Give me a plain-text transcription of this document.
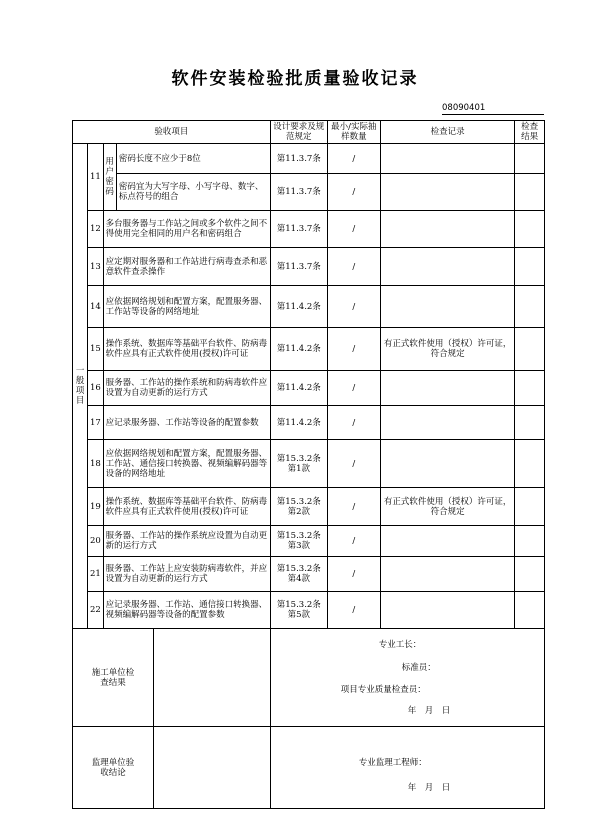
软件安装检验批质量验收记录
08090401
验收项目				设计要求及规范规定	最小/实际抽样数量	检查记录	检查结果
一般项目	11	用户密码	密码长度不应少于8位	第11.3.7条	/		
			密码宜为大写字母、小写字母、数字、标点符号的组合	第11.3.7条	/		
	12	多台服务器与工作站之间或多个软件之间不得使用完全相同的用户名和密码组合		第11.3.7条	/		
	13	应定期对服务器和工作站进行病毒查杀和恶意软件查杀操作		第11.3.7条	/		
	14	应依据网络规划和配置方案，配置服务器、工作站等设备的网络地址		第11.4.2条	/		
	15	操作系统、数据库等基础平台软件、防病毒软件应具有正式软件使用(授权)许可证		第11.4.2条	/	有正式软件使用（授权）许可证，符合规定	
	16	服务器、工作站的操作系统和防病毒软件应设置为自动更新的运行方式		第11.4.2条	/		
	17	应记录服务器、工作站等设备的配置参数		第11.4.2条	/		
	18	应依据网络规划和配置方案，配置服务器、工作站、通信接口转换器、视频编解码器等设备的网络地址		第15.3.2条第1款	/		
	19	操作系统、数据库等基础平台软件、防病毒软件应具有正式软件使用(授权)许可证		第15.3.2条第2款	/	有正式软件使用（授权）许可证，符合规定	
	20	服务器、工作站的操作系统应设置为自动更新的运行方式		第15.3.2条第3款	/		
	21	服务器、工作站上应安装防病毒软件，并应设置为自动更新的运行方式		第15.3.2条第4款	/		
	22	应记录服务器、工作站、通信接口转换器、视频编解码器等设备的配置参数		第15.3.2条第5款	/		

施工单位检查结果				专业工长：
标准员：
项目专业质量检查员：
年　月　日			

监理单位验收结论				专业监理工程师：
年　月　日			
